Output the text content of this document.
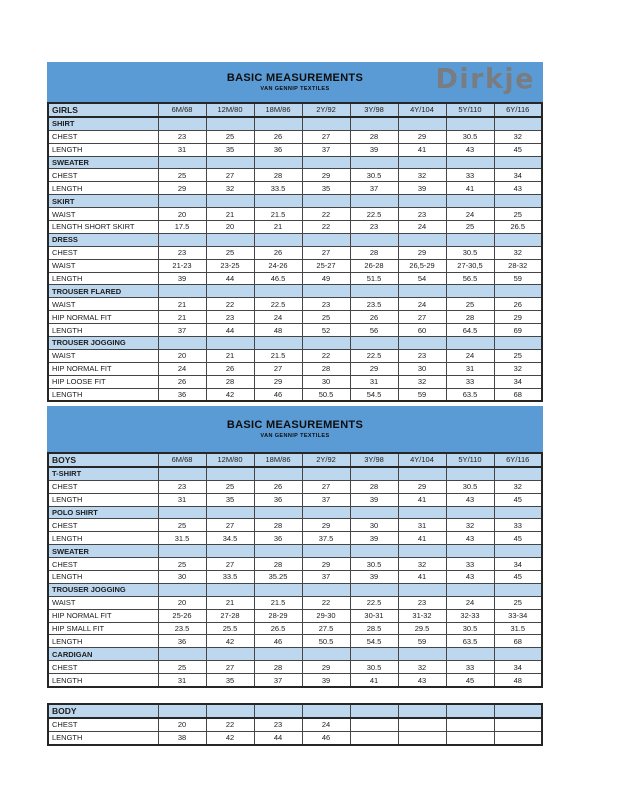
BASIC MEASUREMENTS
VAN GENNIP TEXTILES	Dirkje
GIRLS	6M/68	12M/80	18M/86	2Y/92	3Y/98	4Y/104	5Y/110	6Y/116
SHIRT								
CHEST	23	25	26	27	28	29	30.5	32
LENGTH	31	35	36	37	39	41	43	45
SWEATER								
CHEST	25	27	28	29	30.5	32	33	34
LENGTH	29	32	33.5	35	37	39	41	43
SKIRT								
WAIST	20	21	21.5	22	22.5	23	24	25
LENGTH SHORT SKIRT	17.5	20	21	22	23	24	25	26.5
DRESS								
CHEST	23	25	26	27	28	29	30.5	32
WAIST	21-23	23-25	24-26	25-27	26-28	26,5-29	27-30,5	28-32
LENGTH	39	44	46.5	49	51.5	54	56.5	59
TROUSER FLARED								
WAIST	21	22	22.5	23	23.5	24	25	26
HIP NORMAL FIT	21	23	24	25	26	27	28	29
LENGTH	37	44	48	52	56	60	64.5	69
TROUSER JOGGING								
WAIST	20	21	21.5	22	22.5	23	24	25
HIP NORMAL FIT	24	26	27	28	29	30	31	32
HIP LOOSE FIT	26	28	29	30	31	32	33	34
LENGTH	36	42	46	50.5	54.5	59	63.5	68
BASIC MEASUREMENTS
VAN GENNIP TEXTILES
BOYS	6M/68	12M/80	18M/86	2Y/92	3Y/98	4Y/104	5Y/110	6Y/116
T-SHIRT								
CHEST	23	25	26	27	28	29	30.5	32
LENGTH	31	35	36	37	39	41	43	45
POLO SHIRT								
CHEST	25	27	28	29	30	31	32	33
LENGTH	31.5	34.5	36	37.5	39	41	43	45
SWEATER								
CHEST	25	27	28	29	30.5	32	33	34
LENGTH	30	33.5	35.25	37	39	41	43	45
TROUSER JOGGING								
WAIST	20	21	21.5	22	22.5	23	24	25
HIP NORMAL FIT	25-26	27-28	28-29	29-30	30-31	31-32	32-33	33-34
HIP SMALL FIT	23.5	25.5	26.5	27.5	28.5	29.5	30.5	31.5
LENGTH	36	42	46	50.5	54.5	59	63.5	68
CARDIGAN								
CHEST	25	27	28	29	30.5	32	33	34
LENGTH	31	35	37	39	41	43	45	48
BODY								
CHEST	20	22	23	24				
LENGTH	38	42	44	46				
